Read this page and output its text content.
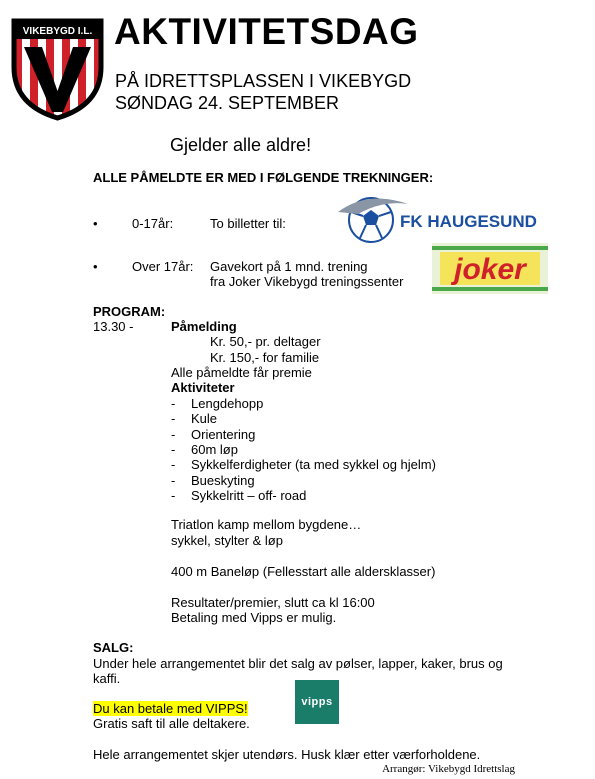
VIKEBYGD I.L. AKTIVITETSDAG
PÅ IDRETTSPLASSEN I VIKEBYGD
SØNDAG 24. SEPTEMBER
Gjelder alle aldre!
ALLE PÅMELDTE ER MED I FØLGENDE TREKNINGER:
•	0-17år:	To billetter til:	FK HAUGESUND
•	Over 17år: Gavekort på 1 mnd. trening
fra Joker Vikebygd treningssenter joker
PROGRAM:
13.30 -	Påmelding
Kr. 50,- pr. deltager
Kr. 150,- for familie
Alle påmeldte får premie
Aktiviteter
- Lengdehopp
- Kule
- Orientering
- 60m løp
- Sykkelferdigheter (ta med sykkel og hjelm)
- Bueskyting
- Sykkelritt – off- road
Triatlon kamp mellom bygdene…
sykkel, stylter & løp
400 m Baneløp (Fellesstart alle aldersklasser)
Resultater/premier, slutt ca kl 16:00
Betaling med Vipps er mulig.
SALG:
Under hele arrangementet blir det salg av pølser, lapper, kaker, brus og
kaffi.
Du kan betale med VIPPS!
Gratis saft til alle deltakere.
vipps
Hele arrangementet skjer utendørs. Husk klær etter værforholdene.
Arrangør: Vikebygd Idrettslag
